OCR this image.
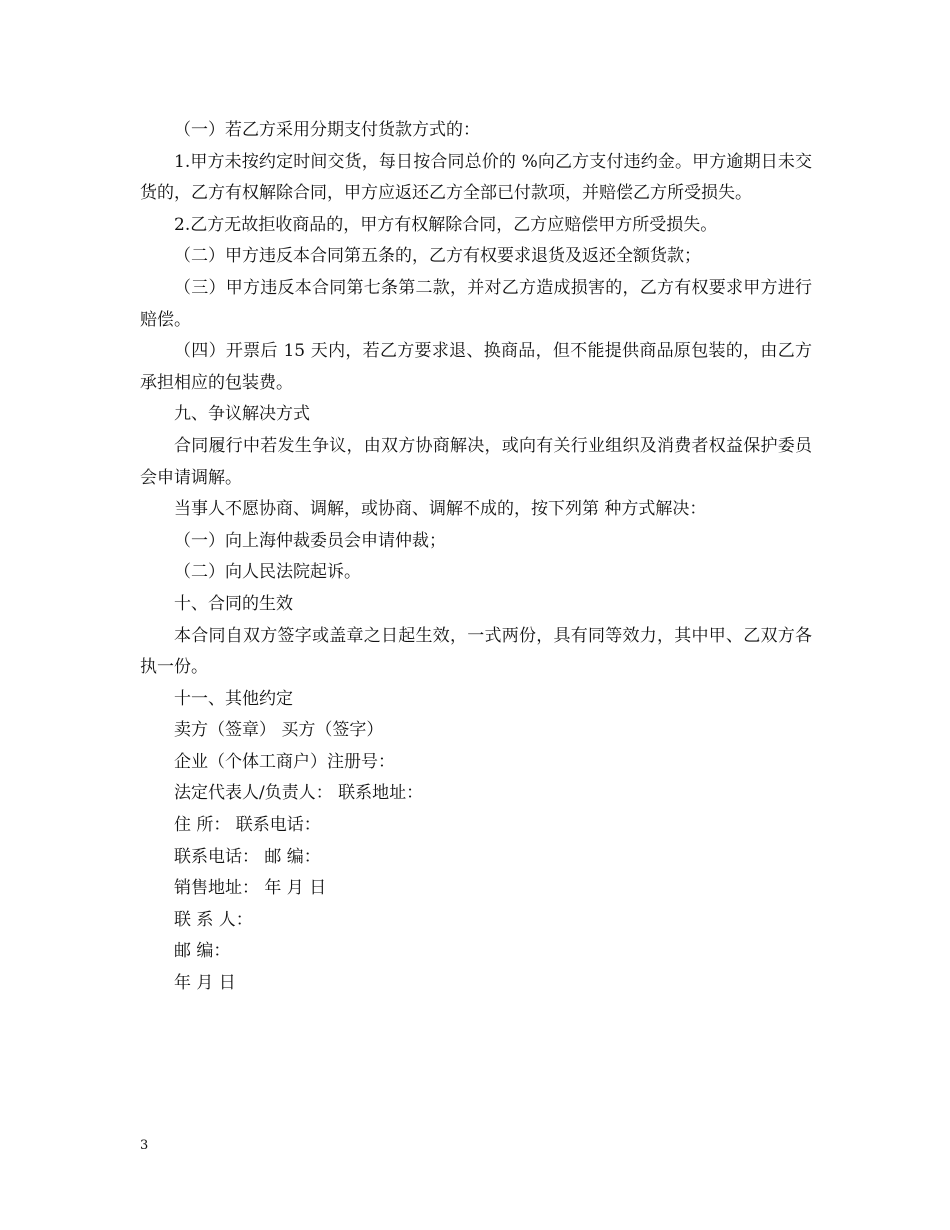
（一）若乙方采用分期支付货款方式的：

1.甲方未按约定时间交货，每日按合同总价的 %向乙方支付违约金。甲方逾期日未交货的，乙方有权解除合同，甲方应返还乙方全部已付款项，并赔偿乙方所受损失。

2.乙方无故拒收商品的，甲方有权解除合同，乙方应赔偿甲方所受损失。

（二）甲方违反本合同第五条的，乙方有权要求退货及返还全额货款；

（三）甲方违反本合同第七条第二款，并对乙方造成损害的，乙方有权要求甲方进行赔偿。

（四）开票后 15 天内，若乙方要求退、换商品，但不能提供商品原包装的，由乙方承担相应的包装费。

九、争议解决方式

合同履行中若发生争议，由双方协商解决，或向有关行业组织及消费者权益保护委员会申请调解。

当事人不愿协商、调解，或协商、调解不成的，按下列第 种方式解决：

（一）向上海仲裁委员会申请仲裁；

（二）向人民法院起诉。

十、合同的生效

本合同自双方签字或盖章之日起生效，一式两份，具有同等效力，其中甲、乙双方各执一份。

十一、其他约定

卖方（签章） 买方（签字）

企业（个体工商户）注册号：

法定代表人/负责人： 联系地址：

住 所： 联系电话：

联系电话： 邮 编：

销售地址： 年 月 日

联 系 人：

邮 编：

年 月 日

3
